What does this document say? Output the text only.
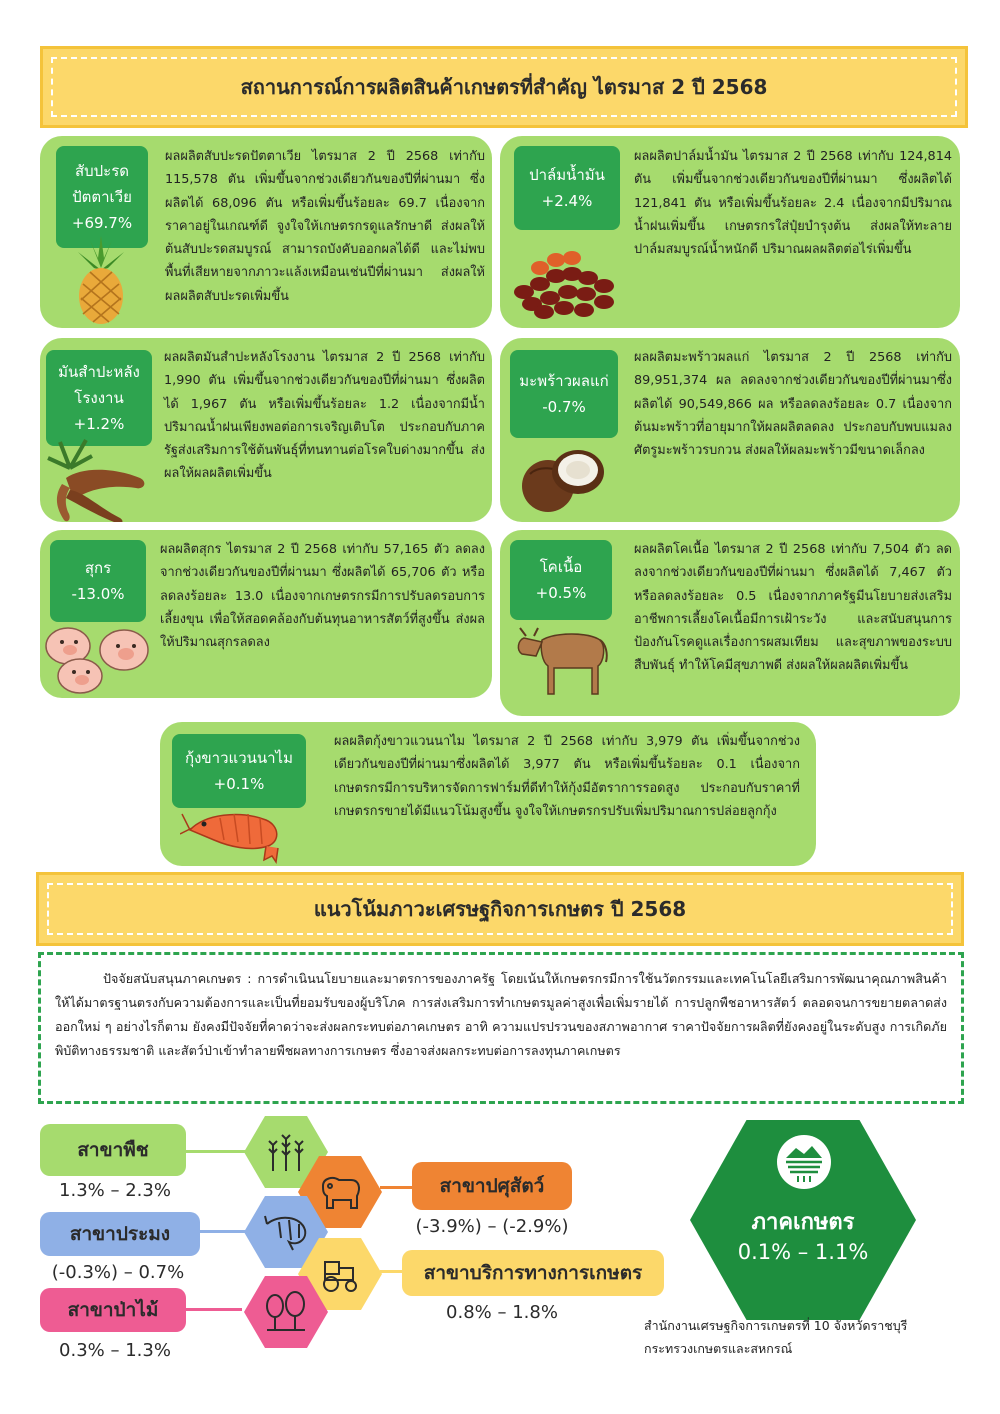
สถานการณ์การผลิตสินค้าเกษตรที่สำคัญ ไตรมาส 2 ปี 2568
สับปะรด
ปัตตาเวีย
+69.7%
ผลผลิตสับปะรดปัตตาเวีย ไตรมาส 2 ปี 2568 เท่ากับ 115,578 ตัน เพิ่มขึ้นจากช่วงเดียวกันของปีที่ผ่านมา ซึ่งผลิตได้ 68,096 ตัน หรือเพิ่มขึ้นร้อยละ 69.7 เนื่องจากราคาอยู่ในเกณฑ์ดี จูงใจให้เกษตรกรดูแลรักษาดี ส่งผลให้ต้นสับปะรดสมบูรณ์ สามารถบังคับออกผลได้ดี และไม่พบพื้นที่เสียหายจากภาวะแล้งเหมือนเช่นปีที่ผ่านมา ส่งผลให้ผลผลิตสับปะรดเพิ่มขึ้น
ปาล์มน้ำมัน
+2.4%
ผลผลิตปาล์มน้ำมัน ไตรมาส 2 ปี 2568 เท่ากับ 124,814 ตัน เพิ่มขึ้นจากช่วงเดียวกันของปีที่ผ่านมา ซึ่งผลิตได้ 121,841 ตัน หรือเพิ่มขึ้นร้อยละ 2.4 เนื่องจากมีปริมาณน้ำฝนเพิ่มขึ้น เกษตรกรใส่ปุ๋ยบำรุงต้น ส่งผลให้ทะลายปาล์มสมบูรณ์น้ำหนักดี ปริมาณผลผลิตต่อไร่เพิ่มขึ้น
มันสำปะหลัง
โรงงาน
+1.2%
ผลผลิตมันสำปะหลังโรงงาน ไตรมาส 2 ปี 2568 เท่ากับ 1,990 ตัน เพิ่มขึ้นจากช่วงเดียวกันของปีที่ผ่านมา ซึ่งผลิตได้ 1,967 ตัน หรือเพิ่มขึ้นร้อยละ 1.2 เนื่องจากมีน้ำปริมาณน้ำฝนเพียงพอต่อการเจริญเติบโต ประกอบกับภาครัฐส่งเสริมการใช้ต้นพันธุ์ที่ทนทานต่อโรคใบด่างมากขึ้น ส่งผลให้ผลผลิตเพิ่มขึ้น
มะพร้าวผลแก่
-0.7%
ผลผลิตมะพร้าวผลแก่ ไตรมาส 2 ปี 2568 เท่ากับ 89,951,374 ผล ลดลงจากช่วงเดียวกันของปีที่ผ่านมาซึ่งผลิตได้ 90,549,866 ผล หรือลดลงร้อยละ 0.7 เนื่องจากต้นมะพร้าวที่อายุมากให้ผลผลิตลดลง ประกอบกับพบแมลงศัตรูมะพร้าวรบกวน ส่งผลให้ผลมะพร้าวมีขนาดเล็กลง
สุกร
-13.0%
ผลผลิตสุกร ไตรมาส 2 ปี 2568 เท่ากับ 57,165 ตัว ลดลงจากช่วงเดียวกันของปีที่ผ่านมา ซึ่งผลิตได้ 65,706 ตัว หรือลดลงร้อยละ 13.0 เนื่องจากเกษตรกรมีการปรับลดรอบการเลี้ยงขุน เพื่อให้สอดคล้องกับต้นทุนอาหารสัตว์ที่สูงขึ้น ส่งผลให้ปริมาณสุกรลดลง
โคเนื้อ
+0.5%
ผลผลิตโคเนื้อ ไตรมาส 2 ปี 2568 เท่ากับ 7,504 ตัว ลดลงจากช่วงเดียวกันของปีที่ผ่านมา ซึ่งผลิตได้ 7,467 ตัว หรือลดลงร้อยละ 0.5 เนื่องจากภาครัฐมีนโยบายส่งเสริมอาชีพการเลี้ยงโคเนื้อมีการเฝ้าระวัง และสนับสนุนการป้องกันโรคดูแลเรื่องการผสมเทียม และสุขภาพของระบบสืบพันธุ์ ทำให้โคมีสุขภาพดี ส่งผลให้ผลผลิตเพิ่มขึ้น
กุ้งขาวแวนนาไม
+0.1%
ผลผลิตกุ้งขาวแวนนาไม ไตรมาส 2 ปี 2568 เท่ากับ 3,979 ตัน เพิ่มขึ้นจากช่วงเดียวกันของปีที่ผ่านมาซึ่งผลิตได้ 3,977 ตัน หรือเพิ่มขึ้นร้อยละ 0.1 เนื่องจากเกษตรกรมีการบริหารจัดการฟาร์มที่ดีทำให้กุ้งมีอัตราการรอดสูง ประกอบกับราคาที่เกษตรกรขายได้มีแนวโน้มสูงขึ้น จูงใจให้เกษตรกรปรับเพิ่มปริมาณการปล่อยลูกกุ้ง
แนวโน้มภาวะเศรษฐกิจการเกษตร ปี 2568

ปัจจัยสนับสนุนภาคเกษตร : การดำเนินนโยบายและมาตรการของภาครัฐ โดยเน้นให้เกษตรกรมีการใช้นวัตกรรมและเทคโนโลยีเสริมการพัฒนาคุณภาพสินค้าให้ได้มาตรฐานตรงกับความต้องการและเป็นที่ยอมรับของผู้บริโภค การส่งเสริมการทำเกษตรมูลค่าสูงเพื่อเพิ่มรายได้ การปลูกพืชอาหารสัตว์ ตลอดจนการขยายตลาดส่งออกใหม่ ๆ อย่างไรก็ตาม ยังคงมีปัจจัยที่คาดว่าจะส่งผลกระทบต่อภาคเกษตร อาทิ ความแปรปรวนของสภาพอากาศ ราคาปัจจัยการผลิตที่ยังคงอยู่ในระดับสูง การเกิดภัยพิบัติทางธรรมชาติ และสัตว์ป่าเข้าทำลายพืชผลทางการเกษตร ซึ่งอาจส่งผลกระทบต่อการลงทุนภาคเกษตร

สาขาพืช
1.3% – 2.3%
สาขาประมง
(-0.3%) – 0.7%
สาขาป่าไม้
0.3% – 1.3%
สาขาปศุสัตว์
(-3.9%) – (-2.9%)
สาขาบริการทางการเกษตร
0.8% – 1.8%
ภาคเกษตร
0.1% – 1.1%
สำนักงานเศรษฐกิจการเกษตรที่ 10 จังหวัดราชบุรี
กระทรวงเกษตรและสหกรณ์
